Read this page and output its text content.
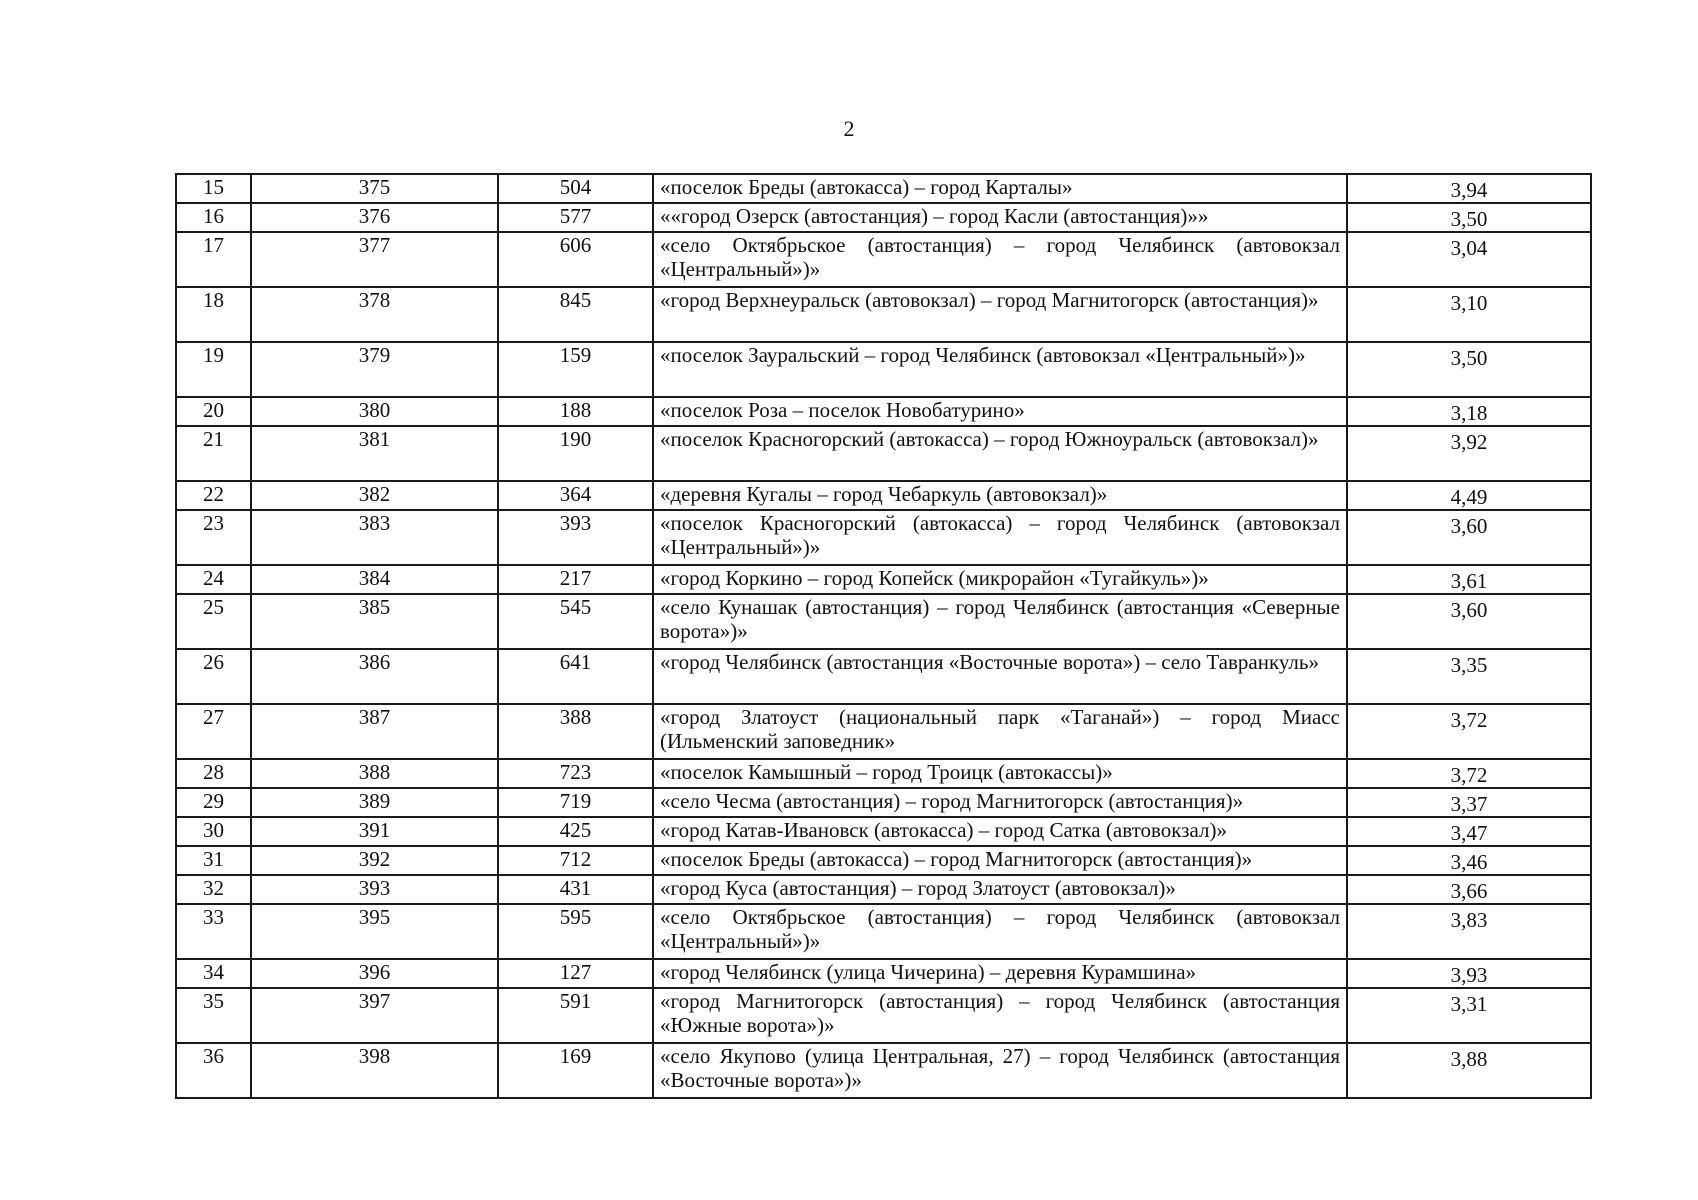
2
15	375	504	«поселок Бреды (автокасса) – город Карталы»	3,94
16	376	577	««город Озерск (автостанция) – город Касли (автостанция)»»	3,50
17	377	606	«село Октябрьское (автостанция) – город Челябинск (автовокзал «Центральный»)»	3,04
18	378	845	«город Верхнеуральск (автовокзал) – город Магнитогорск (автостанция)»	3,10
19	379	159	«поселок Зауральский – город Челябинск (автовокзал «Центральный»)»	3,50
20	380	188	«поселок Роза – поселок Новобатурино»	3,18
21	381	190	«поселок Красногорский (автокасса) – город Южноуральск (автовокзал)»	3,92
22	382	364	«деревня Кугалы – город Чебаркуль (автовокзал)»	4,49
23	383	393	«поселок Красногорский (автокасса) – город Челябинск (автовокзал «Центральный»)»	3,60
24	384	217	«город Коркино – город Копейск (микрорайон «Тугайкуль»)»	3,61
25	385	545	«село Кунашак (автостанция) – город Челябинск (автостанция «Северные ворота»)»	3,60
26	386	641	«город Челябинск (автостанция «Восточные ворота») – село Тавранкуль»	3,35
27	387	388	«город Златоуст (национальный парк «Таганай») – город Миасс (Ильменский заповедник»	3,72
28	388	723	«поселок Камышный – город Троицк (автокассы)»	3,72
29	389	719	«село Чесма (автостанция) – город Магнитогорск (автостанция)»	3,37
30	391	425	«город Катав-Ивановск (автокасса) – город Сатка (автовокзал)»	3,47
31	392	712	«поселок Бреды (автокасса) – город Магнитогорск (автостанция)»	3,46
32	393	431	«город Куса (автостанция) – город Златоуст (автовокзал)»	3,66
33	395	595	«село Октябрьское (автостанция) – город Челябинск (автовокзал «Центральный»)»	3,83
34	396	127	«город Челябинск (улица Чичерина) – деревня Курамшина»	3,93
35	397	591	«город Магнитогорск (автостанция) – город Челябинск (автостанция «Южные ворота»)»	3,31
36	398	169	«село Якупово (улица Центральная, 27) – город Челябинск (автостанция «Восточные ворота»)»	3,88
